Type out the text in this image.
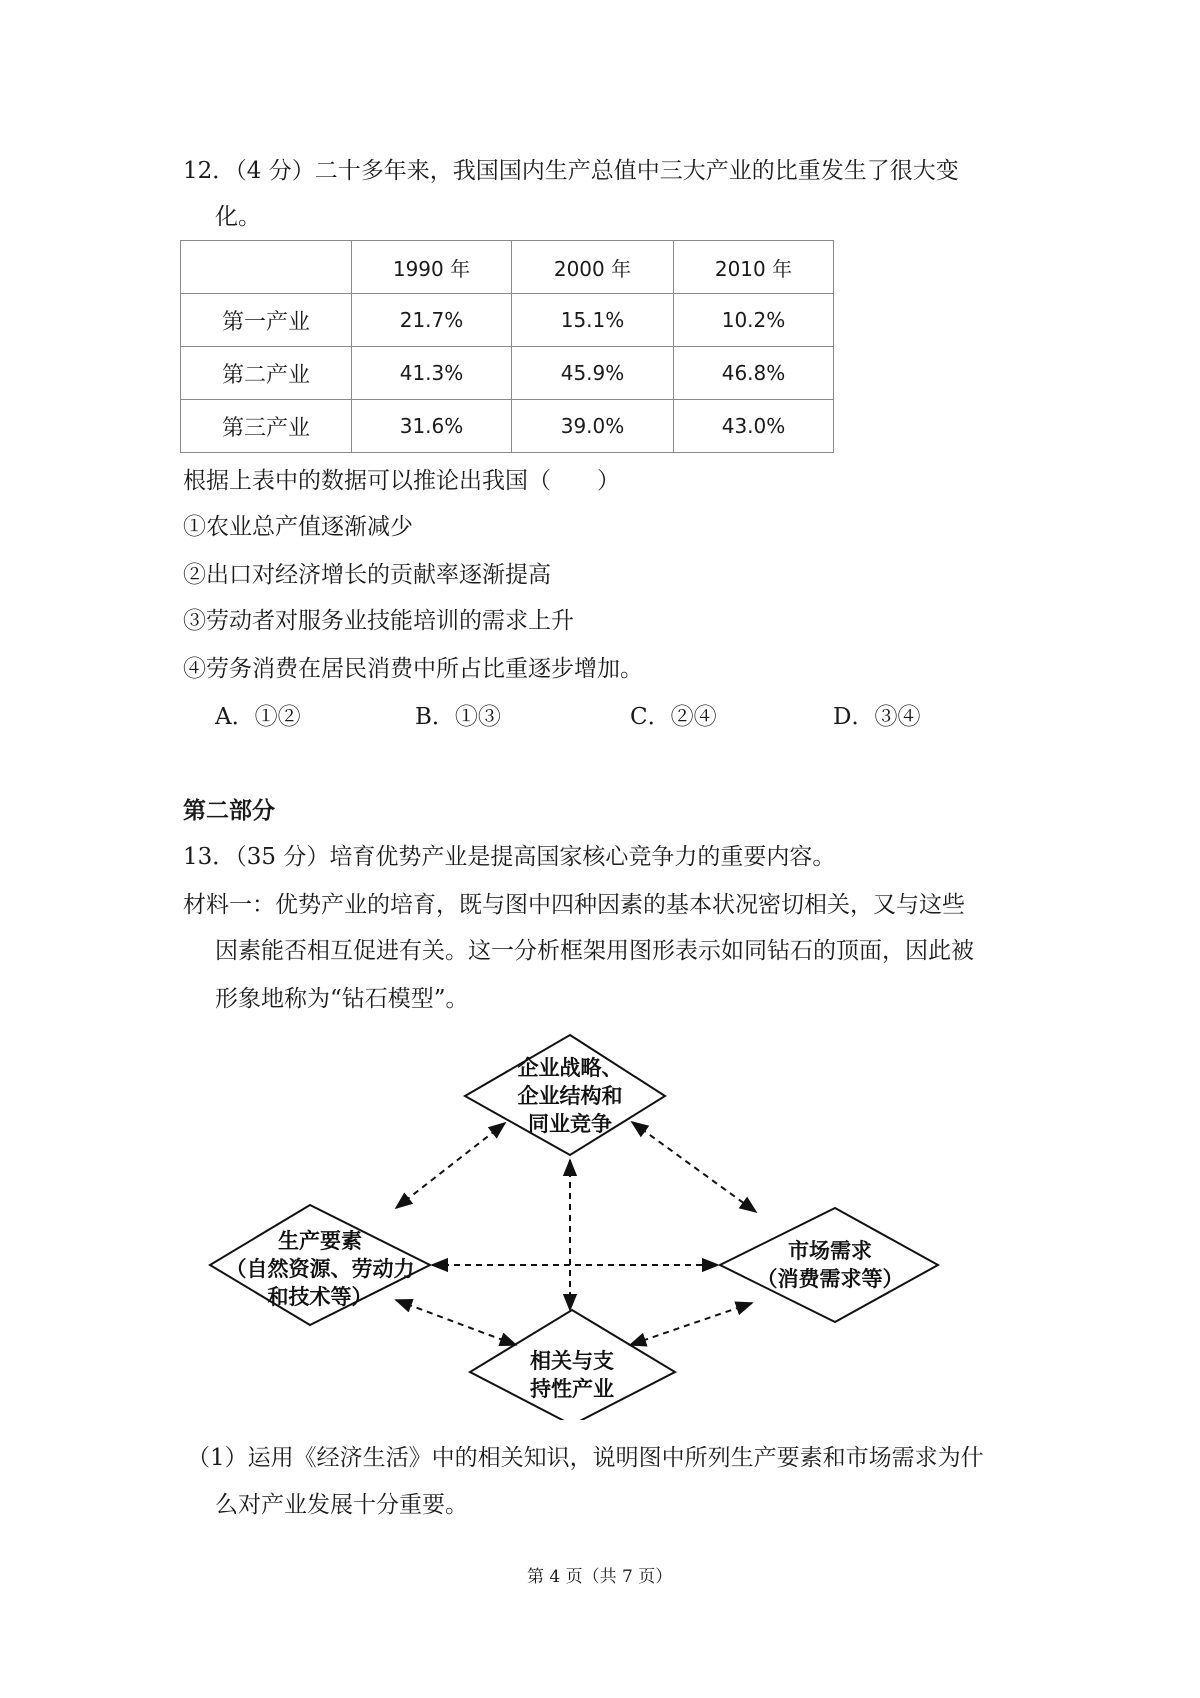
12．（4 分）二十多年来，我国国内生产总值中三大产业的比重发生了很大变
化。
	1990 年	2000 年	2010 年
第一产业	21.7%	15.1%	10.2%
第二产业	41.3%	45.9%	46.8%
第三产业	31.6%	39.0%	43.0%
根据上表中的数据可以推论出我国（　　）
①农业总产值逐渐减少
②出口对经济增长的贡献率逐渐提高
③劳动者对服务业技能培训的需求上升
④劳务消费在居民消费中所占比重逐步增加。
A．①②	B．①③	C．②④	D．③④
第二部分
13．（35 分）培育优势产业是提高国家核心竞争力的重要内容。
材料一：优势产业的培育，既与图中四种因素的基本状况密切相关，又与这些
因素能否相互促进有关。这一分析框架用图形表示如同钻石的顶面，因此被
形象地称为“钻石模型”。
企业战略、
企业结构和
同业竞争
生产要素
（自然资源、劳动力
和技术等）
市场需求
（消费需求等）
相关与支
持性产业
（1）运用《经济生活》中的相关知识，说明图中所列生产要素和市场需求为什
么对产业发展十分重要。
第 4 页（共 7 页）
